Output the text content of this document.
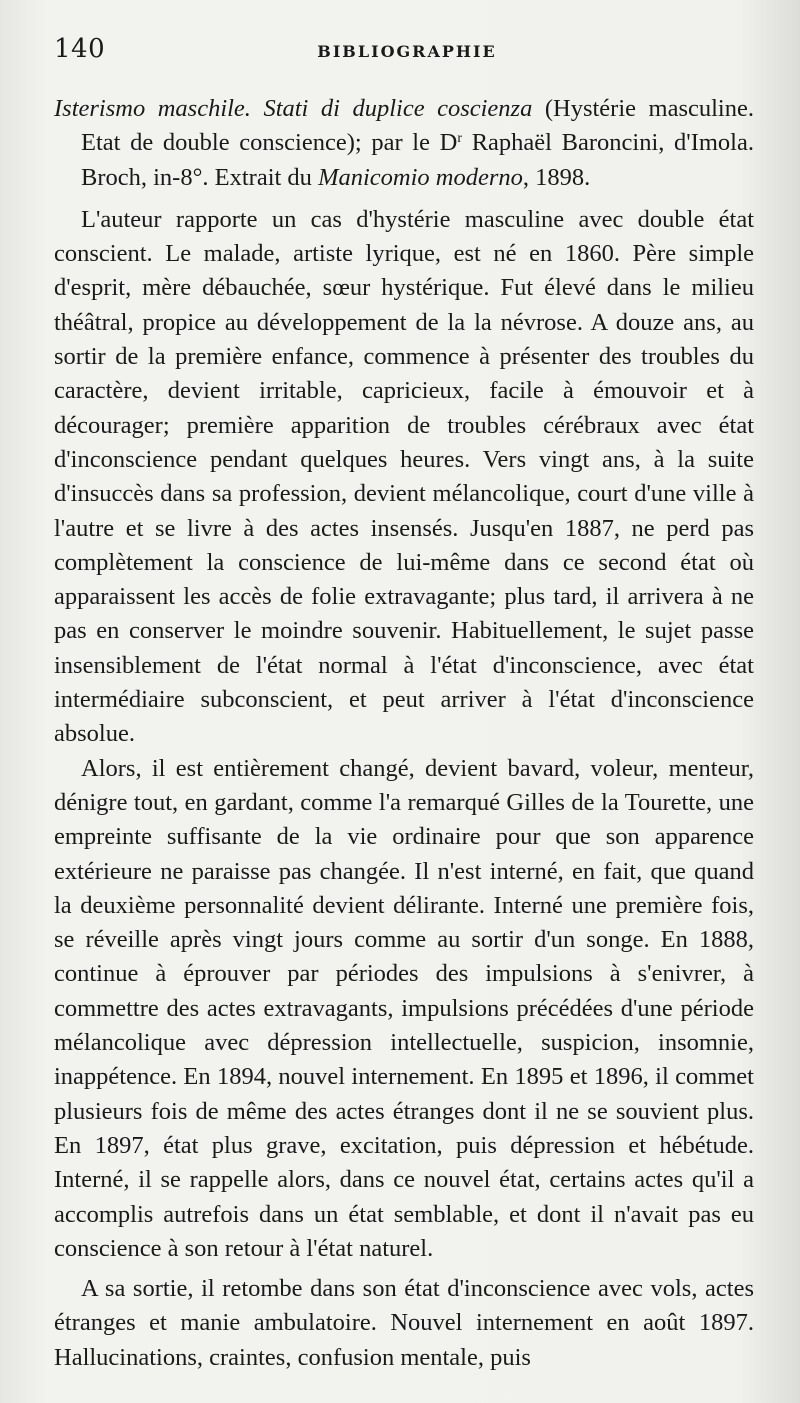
140	BIBLIOGRAPHIE
Isterismo maschile. Stati di duplice coscienza (Hystérie masculine. Etat de double conscience); par le $D^r$ Raphaël Baroncini, d'Imola. Broch, in-8°. Extrait du Manicomio moderno, 1898.

L'auteur rapporte un cas d'hystérie masculine avec double état conscient. Le malade, artiste lyrique, est né en 1860. Père simple d'esprit, mère débauchée, sœur hystérique. Fut élevé dans le milieu théâtral, propice au développement de la la névrose. A douze ans, au sortir de la première enfance, commence à présenter des troubles du caractère, devient irritable, capricieux, facile à émouvoir et à décourager; première apparition de troubles cérébraux avec état d'inconscience pendant quelques heures. Vers vingt ans, à la suite d'insuccès dans sa profession, devient mélancolique, court d'une ville à l'autre et se livre à des actes insensés. Jusqu'en 1887, ne perd pas complètement la conscience de lui-même dans ce second état où apparaissent les accès de folie extravagante; plus tard, il arrivera à ne pas en conserver le moindre souvenir. Habituellement, le sujet passe insensiblement de l'état normal à l'état d'inconscience, avec état intermédiaire subconscient, et peut arriver à l'état d'inconscience absolue.

Alors, il est entièrement changé, devient bavard, voleur, menteur, dénigre tout, en gardant, comme l'a remarqué Gilles de la Tourette, une empreinte suffisante de la vie ordinaire pour que son apparence extérieure ne paraisse pas changée. Il n'est interné, en fait, que quand la deuxième personnalité devient délirante. Interné une première fois, se réveille après vingt jours comme au sortir d'un songe. En 1888, continue à éprouver par périodes des impulsions à s'enivrer, à commettre des actes extravagants, impulsions précédées d'une période mélancolique avec dépression intellectuelle, suspicion, insomnie, inappétence. En 1894, nouvel internement. En 1895 et 1896, il commet plusieurs fois de même des actes étranges dont il ne se souvient plus. En 1897, état plus grave, excitation, puis dépression et hébétude. Interné, il se rappelle alors, dans ce nouvel état, certains actes qu'il a accomplis autrefois dans un état semblable, et dont il n'avait pas eu conscience à son retour à l'état naturel.

A sa sortie, il retombe dans son état d'inconscience avec vols, actes étranges et manie ambulatoire. Nouvel internement en août 1897. Hallucinations, craintes, confusion mentale, puis
